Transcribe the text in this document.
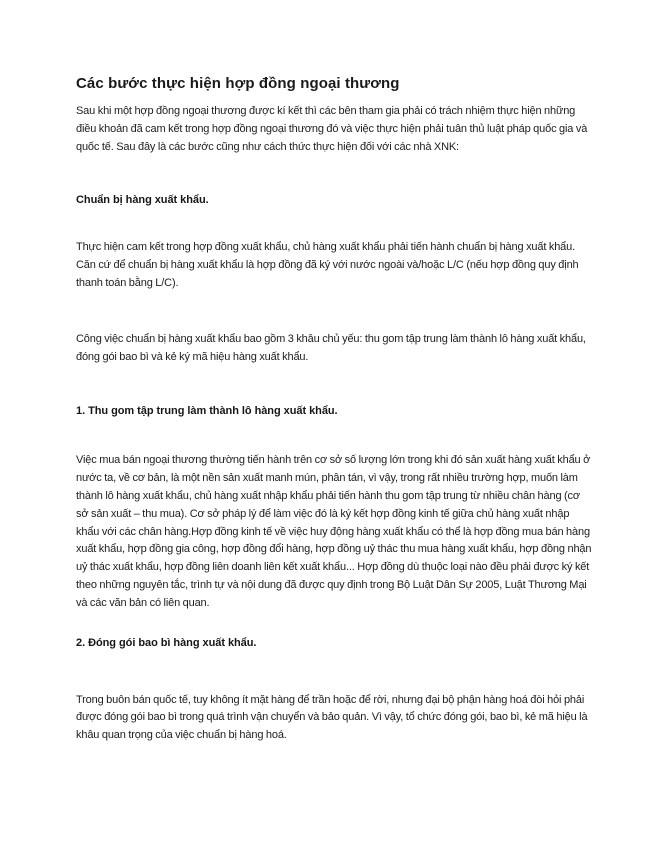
Các bước thực hiện hợp đồng ngoại thương

Sau khi một hợp đồng ngoại thương được kí kết thì các bên tham gia phải có trách nhiệm thực hiện những điều khoản đã cam kết trong hợp đồng ngoại thương đó và việc thực hiện phải tuân thủ luật pháp quốc gia và quốc tế. Sau đây là các bước cũng như cách thức thực hiện đối với các nhà XNK:

Chuẩn bị hàng xuất khẩu.

Thực hiện cam kết trong hợp đồng xuất khẩu, chủ hàng xuất khẩu phải tiến hành chuẩn bị hàng xuất khẩu. Căn cứ để chuẩn bị hàng xuất khẩu là hợp đồng đã ký với nước ngoài và/hoặc L/C (nếu hợp đồng quy định thanh toán bằng L/C).

Công việc chuẩn bị hàng xuất khẩu bao gồm 3 khâu chủ yếu: thu gom tập trung làm thành lô hàng xuất khẩu, đóng gói bao bì và kẻ ký mã hiệu hàng xuất khẩu.

1. Thu gom tập trung làm thành lô hàng xuất khẩu.

Việc mua bán ngoại thương thường tiến hành trên cơ sở số lượng lớn trong khi đó sản xuất hàng xuất khẩu ở nước ta, về cơ bản, là một nền sản xuất manh mún, phân tán, vì vậy, trong rất nhiều trường hợp, muốn làm thành lô hàng xuất khẩu, chủ hàng xuất nhập khẩu phải tiến hành thu gom tập trung từ nhiều chân hàng (cơ sở sản xuất – thu mua). Cơ sở pháp lý để làm việc đó là ký kết hợp đồng kinh tế giữa chủ hàng xuất nhập khẩu với các chân hàng.Hợp đồng kinh tế về việc huy động hàng xuất khẩu có thể là hợp đồng mua bán hàng xuất khẩu, hợp đồng gia công, hợp đồng đổi hàng, hợp đồng uỷ thác thu mua hàng xuất khẩu, hợp đồng nhận uỷ thác xuất khẩu, hợp đồng liên doanh liên kết xuất khẩu... Hợp đồng dù thuộc loại nào đều phải được ký kết theo những nguyên tắc, trình tự và nội dung đã được quy định trong Bộ Luật Dân Sự 2005, Luật Thương Mại và các văn bản có liên quan.

2. Đóng gói bao bì hàng xuất khẩu.

Trong buôn bán quốc tế, tuy không ít mặt hàng để trần hoặc để rời, nhưng đại bộ phận hàng hoá đòi hỏi phải được đóng gói bao bì trong quá trình vận chuyển và bảo quản. Vì vậy, tổ chức đóng gói, bao bì, kẻ mã hiệu là khâu quan trọng của việc chuẩn bị hàng hoá.
